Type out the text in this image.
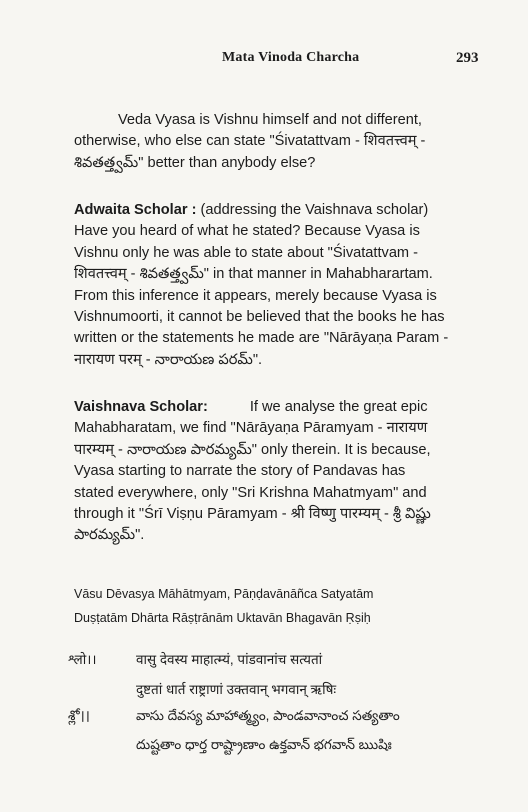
Mata Vinoda Charcha	293
Veda Vyasa is Vishnu himself and not different,
otherwise, who else can state "Śivatattvam - शिवतत्त्वम् -
శివతత్త్వమ్" better than anybody else?
Adwaita Scholar : (addressing the Vaishnava scholar)
Have you heard of what he stated? Because Vyasa is
Vishnu only he was able to state about "Śivatattvam -
शिवतत्त्वम् - శివతత్త్వమ్" in that manner in Mahabharartam.
From this inference it appears, merely because Vyasa is
Vishnumoorti, it cannot be believed that the books he has
written or the statements he made are "Nārāyaṇa Param -
नारायण परम् - నారాయణ పరమ్".
Vaishnava Scholar:	If we analyse the great epic
Mahabharatam, we find "Nārāyaṇa Pāramyam - नारायण
पारम्यम् - నారాయణ పారమ్యమ్" only therein. It is because,
Vyasa starting to narrate the story of Pandavas has
stated everywhere, only "Sri Krishna Mahatmyam" and
through it "Śrī Viṣṇu Pāramyam - श्री विष्णु पारम्यम् - శ్రీ విష్ణు
పారమ్యమ్".
Vāsu Dēvasya Māhātmyam, Pāṇḍavānāñca Satyatām
Duṣṭatām Dhārta Rāṣṭrānām Uktavān Bhagavān Ṛṣiḥ
श्लो।।	वासु देवस्य माहात्म्यं, पांडवानांच सत्यतां
दुष्टतां धार्त राष्ट्राणां उक्तवान् भगवान् ऋषिः
శ్లో।।	వాసు దేవస్య మాహాత్మ్యం, పాండవానాంచ సత్యతాం
దుష్టతాం ధార్త రాష్ట్రాణాం ఉక్తవాన్ భగవాన్ ఋషిః
